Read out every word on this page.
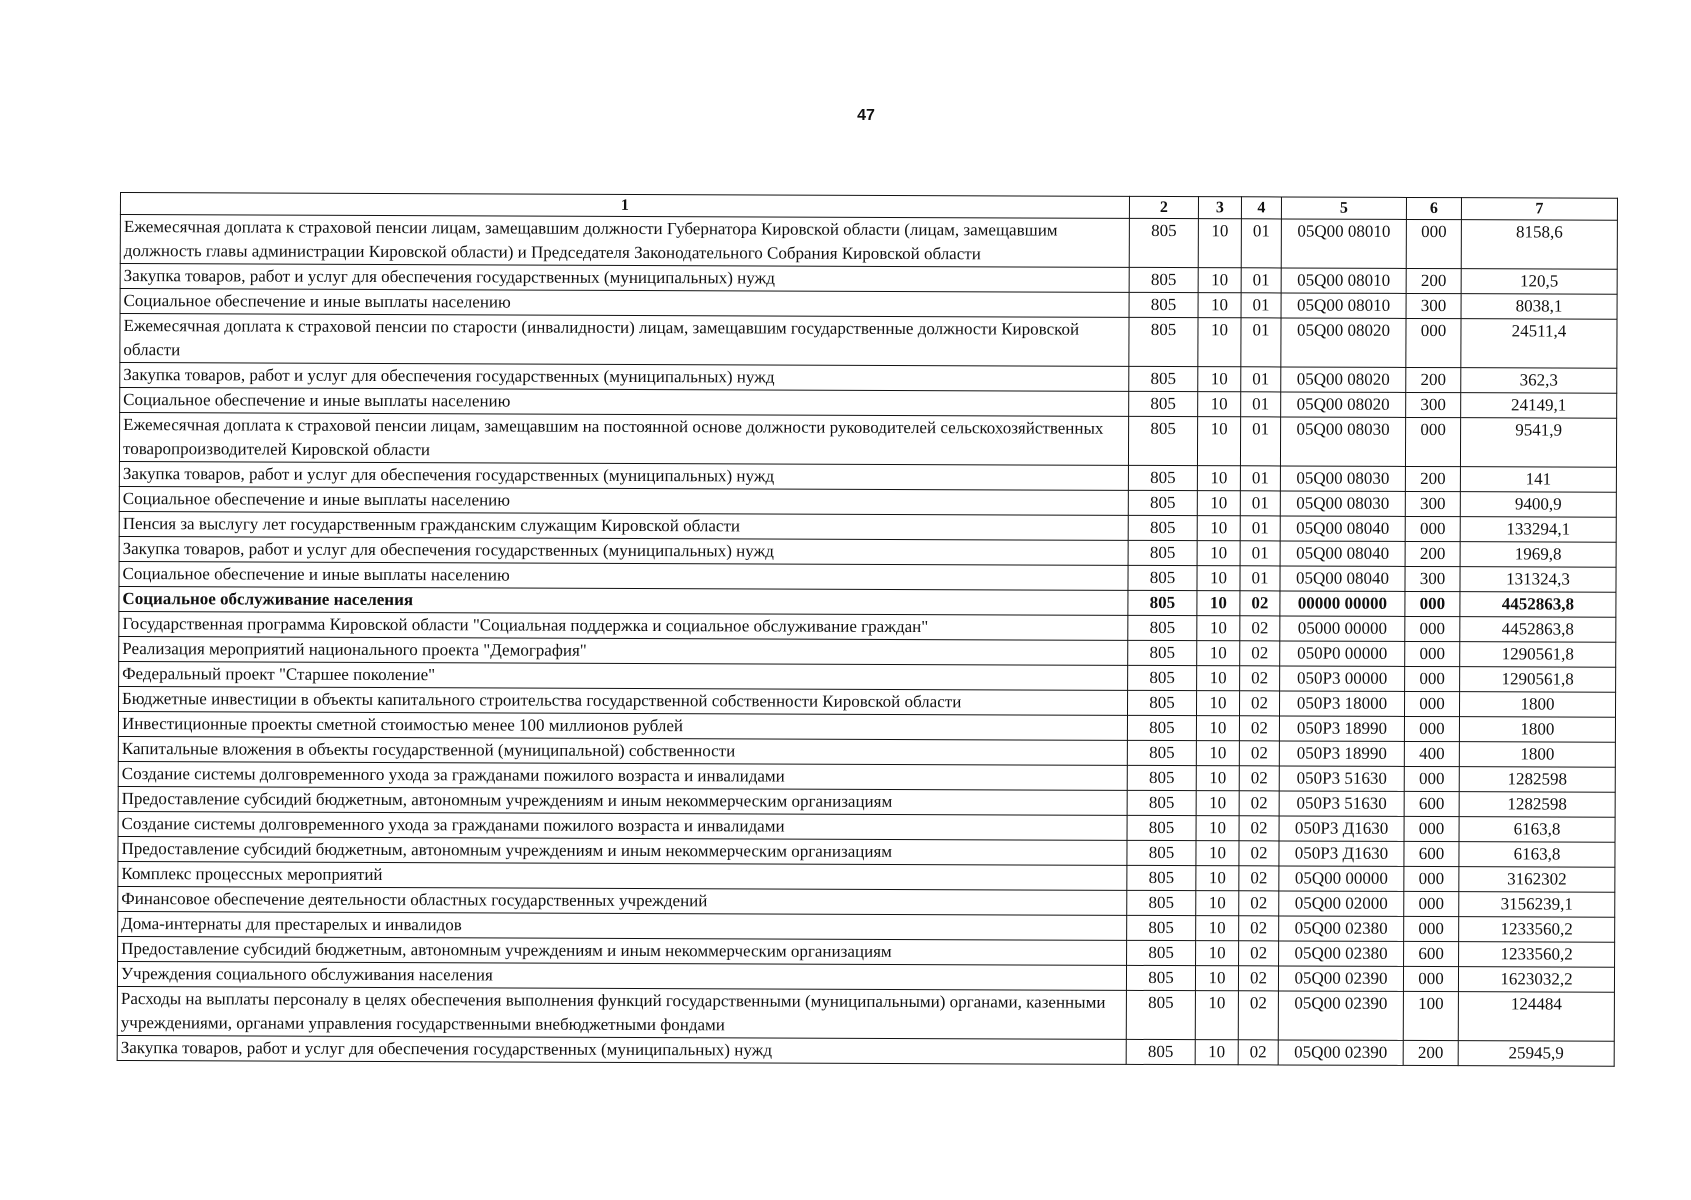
47
1	2	3	4	5	6	7
Ежемесячная доплата к страховой пенсии лицам, замещавшим должности Губернатора Кировской области (лицам, замещавшим должность главы администрации Кировской области) и Председателя Законодательного Собрания Кировской области	805	10	01	05Q00 08010	000	8158,6
Закупка товаров, работ и услуг для обеспечения государственных (муниципальных) нужд	805	10	01	05Q00 08010	200	120,5
Социальное обеспечение и иные выплаты населению	805	10	01	05Q00 08010	300	8038,1
Ежемесячная доплата к страховой пенсии по старости (инвалидности) лицам, замещавшим государственные должности Кировской области	805	10	01	05Q00 08020	000	24511,4
Закупка товаров, работ и услуг для обеспечения государственных (муниципальных) нужд	805	10	01	05Q00 08020	200	362,3
Социальное обеспечение и иные выплаты населению	805	10	01	05Q00 08020	300	24149,1
Ежемесячная доплата к страховой пенсии лицам, замещавшим на постоянной основе должности руководителей сельскохозяйственных товаропроизводителей Кировской области	805	10	01	05Q00 08030	000	9541,9
Закупка товаров, работ и услуг для обеспечения государственных (муниципальных) нужд	805	10	01	05Q00 08030	200	141
Социальное обеспечение и иные выплаты населению	805	10	01	05Q00 08030	300	9400,9
Пенсия за выслугу лет государственным гражданским служащим Кировской области	805	10	01	05Q00 08040	000	133294,1
Закупка товаров, работ и услуг для обеспечения государственных (муниципальных) нужд	805	10	01	05Q00 08040	200	1969,8
Социальное обеспечение и иные выплаты населению	805	10	01	05Q00 08040	300	131324,3
Социальное обслуживание населения	805	10	02	00000 00000	000	4452863,8
Государственная программа Кировской области "Социальная поддержка и социальное обслуживание граждан"	805	10	02	05000 00000	000	4452863,8
Реализация мероприятий национального проекта "Демография"	805	10	02	050P0 00000	000	1290561,8
Федеральный проект "Старшее поколение"	805	10	02	050P3 00000	000	1290561,8
Бюджетные инвестиции в объекты капитального строительства государственной собственности Кировской области	805	10	02	050P3 18000	000	1800
Инвестиционные проекты сметной стоимостью менее 100 миллионов рублей	805	10	02	050P3 18990	000	1800
Капитальные вложения в объекты государственной (муниципальной) собственности	805	10	02	050P3 18990	400	1800
Создание системы долговременного ухода за гражданами пожилого возраста и инвалидами	805	10	02	050P3 51630	000	1282598
Предоставление субсидий бюджетным, автономным учреждениям и иным некоммерческим организациям	805	10	02	050P3 51630	600	1282598
Создание системы долговременного ухода за гражданами пожилого возраста и инвалидами	805	10	02	050P3 Д1630	000	6163,8
Предоставление субсидий бюджетным, автономным учреждениям и иным некоммерческим организациям	805	10	02	050P3 Д1630	600	6163,8
Комплекс процессных мероприятий	805	10	02	05Q00 00000	000	3162302
Финансовое обеспечение деятельности областных государственных учреждений	805	10	02	05Q00 02000	000	3156239,1
Дома-интернаты для престарелых и инвалидов	805	10	02	05Q00 02380	000	1233560,2
Предоставление субсидий бюджетным, автономным учреждениям и иным некоммерческим организациям	805	10	02	05Q00 02380	600	1233560,2
Учреждения социального обслуживания населения	805	10	02	05Q00 02390	000	1623032,2
Расходы на выплаты персоналу в целях обеспечения выполнения функций государственными (муниципальными) органами, казенными учреждениями, органами управления государственными внебюджетными фондами	805	10	02	05Q00 02390	100	124484
Закупка товаров, работ и услуг для обеспечения государственных (муниципальных) нужд	805	10	02	05Q00 02390	200	25945,9
